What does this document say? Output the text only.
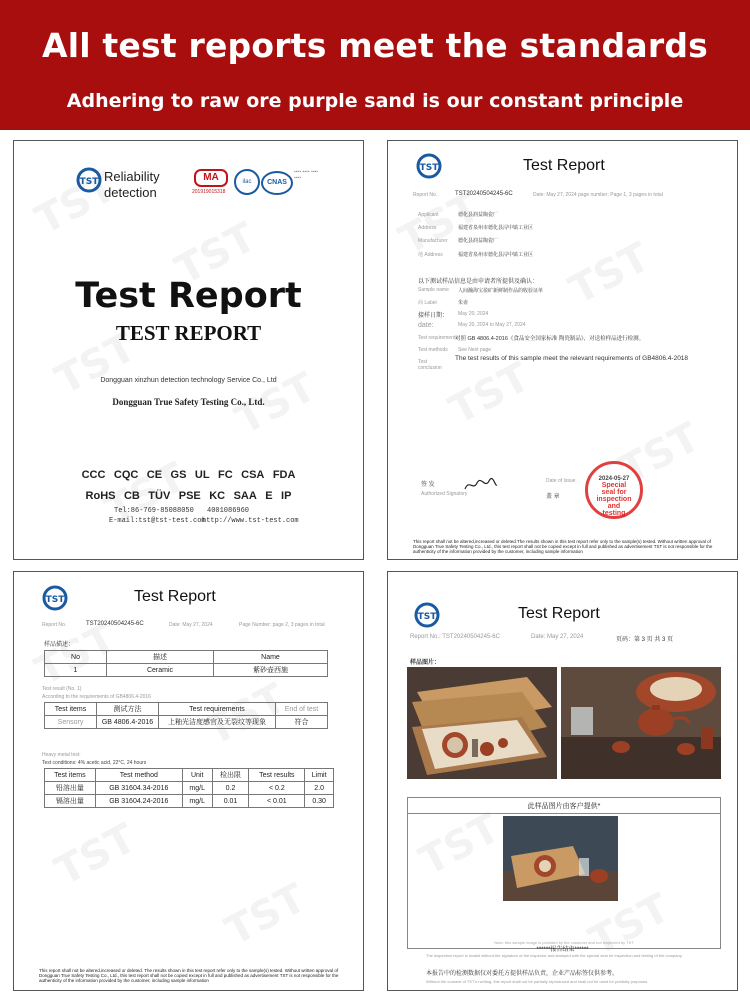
All test reports meet the standards
Adhering to raw ore purple sand is our constant principle
TST Reliability
detection
MA
201919015318
ilac	CNAS
▪▪▪▪ ▪▪▪▪ ▪▪▪▪ ▪▪▪▪
Test Report
TEST REPORT
Dongguan xinzhun detection technology Service Co., Ltd
Dongguan True Safety Testing Co., Ltd.
CCC CQC CE GS UL FC CSA FDA
RoHS CB TÜV PSE KC SAA E IP
Tel:86-769-85088050 4001086960
E-mail:tst@tst-test.com
http://www.tst-test.com
TST	Test Report
Report No.	TST20240504245-6C	Date: May 27, 2024 page number: Page 1, 3 pages in total
Applicant	德化县润益陶瓷厂
Address	福建省泉州市德化县浔中镇工业区
Manufacturer 德化县润益陶瓷厂
地 Address	福建省泉州市德化县浔中镇工业区
以下测试样品信息是由申请者所提供及确认：
Sample name 人间瀚海宝盈矿新鲜制作品的收验证单
商 Label	朱壶
接样日期： May 20, 2024
date:	May 20, 2024 to May 27, 2024
Test requirements
对照 GB 4806.4-2016《食品安全国家标准 陶瓷制品》，对送检样品进行检测。
Test methods See Next page
Test conclusion
The test results of this sample meet the relevant requirements of GB4806.4-2018
签 发
Authorized Signatory
Date of Issue
盖 章
2024-05-27
Special
seal for
inspection
and
testing
This report shall not be altered,increased or deleted.The results shown in this test report refer only to the sample(s) tested. Without written approval of Dongguan True Safety Testing Co., Ltd., this test report shall not be copied except in full and published as advertisement TST is not responsible for the authenticity of the information provided by the customer, including sample information
TST	Test Report
Report No.	TST20240504245-6C	Date: May 27, 2024	Page Number: page 2, 3 pages in total
样品描述：
No	描述	Name
1	Ceramic	紫砂壶西施
Test result (No. 1)
According to the requirements of GB4806.4-2016
Test items	测试方法	Test requirements	End of test
Sensory	GB 4806.4-2016	上釉光洁度感官及无裂纹等现象	符合
Heavy metal test:
Test conditions: 4% acetic acid, 22°C, 24 hours
Test items	Test method	Unit	检出限	Test results	Limit
铅溶出量	GB 31604.34-2016	mg/L	0.2	< 0.2	2.0
镉溶出量	GB 31604.24-2016	mg/L	0.01	< 0.01	0.30
This report shall not be altered,increased or deleted. The results shown in this test report refer only to the sample(s) tested. Without written approval of Dongguan True Safety Testing Co., Ltd., this test report shall not be copied except in full and published as advertisement TST is not responsible for the authenticity of the information provided by the customer, including sample information
TST	Test Report
Report No.: TST20240504245-6C	Date: May 27, 2024	页码：第 3 页 共 3 页
样品图片：
此样品图片由客户提供*
Note: this sample image is provided by the customer and not inspected by TST
******报告结束******
The inspection report is invalid without the signature of the inspector and stamped with the special seal for inspection and testing of the company.
本报告中的检测数据仅对委托方提供样品负责，企业产品标签仅供参考。
Without the consent of TST in writing, this report shall not be partially reproduced and shall not be used for publicity purposes.
